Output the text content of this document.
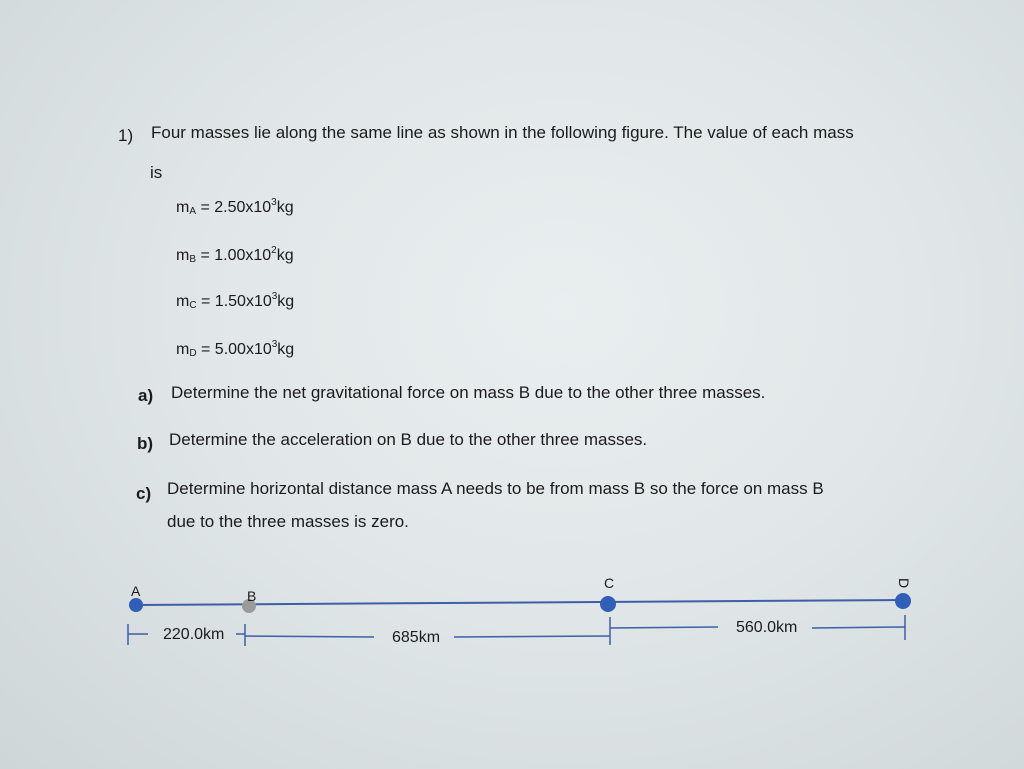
1) Four masses lie along the same line as shown in the following figure. The value of each mass
is
$m_A = 2.50x10^3kg$
$m_B = 1.00x10^2kg$
$m_C = 1.50x10^3kg$
$m_D = 5.00x10^3kg$
a) Determine the net gravitational force on mass B due to the other three masses.
b) Determine the acceleration on B due to the other three masses.
c) Determine horizontal distance mass A needs to be from mass B so the force on mass B
due to the three masses is zero.
A	B
C	D
220.0km	685km
560.0km
